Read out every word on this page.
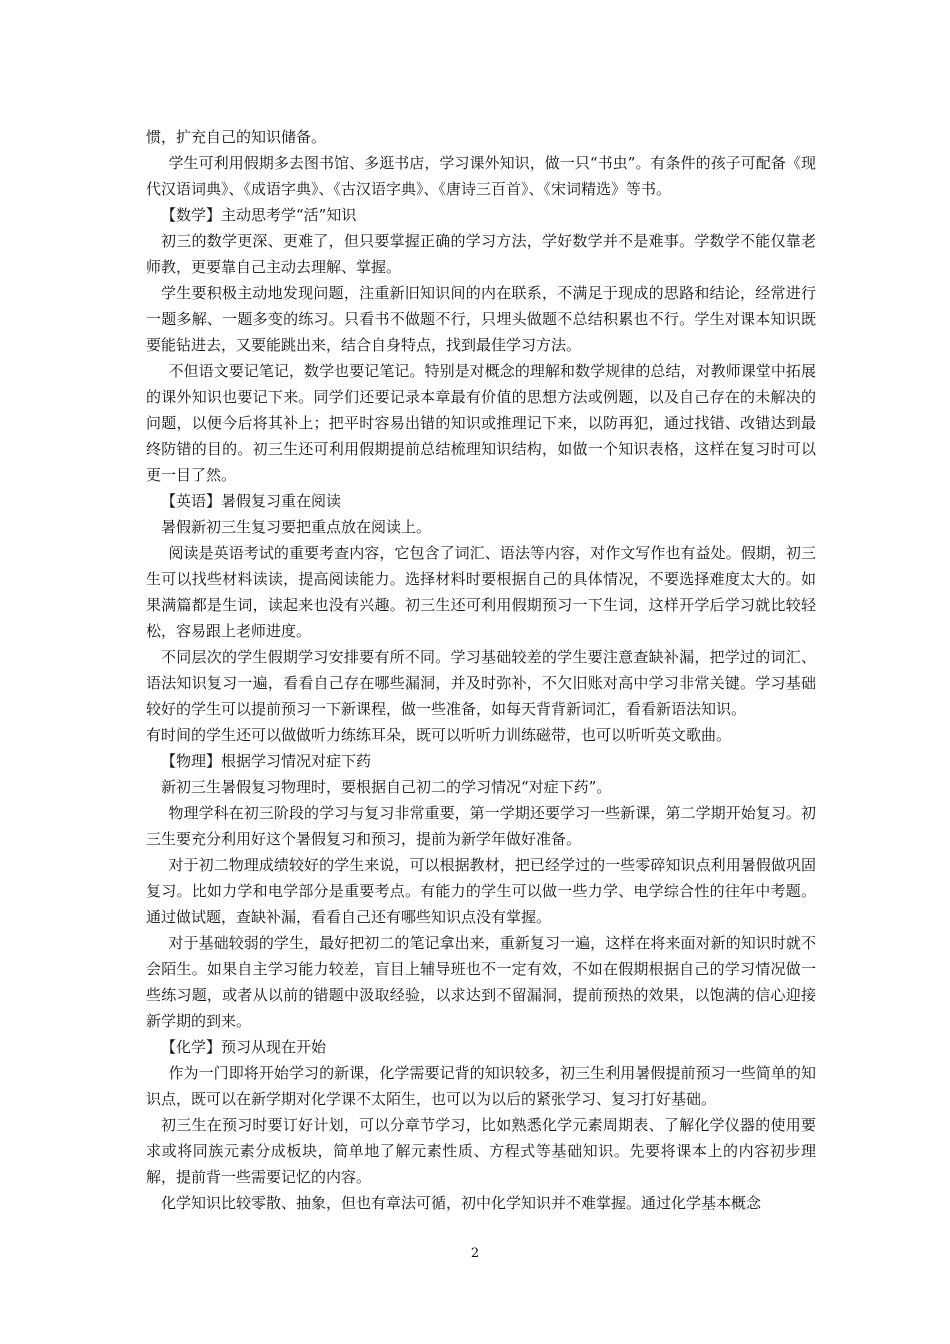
惯，扩充自己的知识储备。

学生可利用假期多去图书馆、多逛书店，学习课外知识，做一只“书虫”。有条件的孩子可配备《现代汉语词典》、《成语字典》、《古汉语字典》、《唐诗三百首》、《宋词精选》等书。

【数学】主动思考学“活”知识

初三的数学更深、更难了，但只要掌握正确的学习方法，学好数学并不是难事。学数学不能仅靠老师教，更要靠自己主动去理解、掌握。

学生要积极主动地发现问题，注重新旧知识间的内在联系，不满足于现成的思路和结论，经常进行一题多解、一题多变的练习。只看书不做题不行，只埋头做题不总结积累也不行。学生对课本知识既要能钻进去，又要能跳出来，结合自身特点，找到最佳学习方法。

不但语文要记笔记，数学也要记笔记。特别是对概念的理解和数学规律的总结，对教师课堂中拓展的课外知识也要记下来。同学们还要记录本章最有价值的思想方法或例题，以及自己存在的未解决的问题，以便今后将其补上；把平时容易出错的知识或推理记下来，以防再犯，通过找错、改错达到最终防错的目的。初三生还可利用假期提前总结梳理知识结构，如做一个知识表格，这样在复习时可以更一目了然。

【英语】暑假复习重在阅读

暑假新初三生复习要把重点放在阅读上。

阅读是英语考试的重要考查内容，它包含了词汇、语法等内容，对作文写作也有益处。假期，初三生可以找些材料读读，提高阅读能力。选择材料时要根据自己的具体情况，不要选择难度太大的。如果满篇都是生词，读起来也没有兴趣。初三生还可利用假期预习一下生词，这样开学后学习就比较轻松，容易跟上老师进度。

不同层次的学生假期学习安排要有所不同。学习基础较差的学生要注意查缺补漏，把学过的词汇、语法知识复习一遍，看看自己存在哪些漏洞，并及时弥补，不欠旧账对高中学习非常关键。学习基础较好的学生可以提前预习一下新课程，做一些准备，如每天背背新词汇，看看新语法知识。

有时间的学生还可以做做听力练练耳朵，既可以听听力训练磁带，也可以听听英文歌曲。

【物理】根据学习情况对症下药

新初三生暑假复习物理时，要根据自己初二的学习情况“对症下药”。

物理学科在初三阶段的学习与复习非常重要，第一学期还要学习一些新课，第二学期开始复习。初三生要充分利用好这个暑假复习和预习，提前为新学年做好准备。

对于初二物理成绩较好的学生来说，可以根据教材，把已经学过的一些零碎知识点利用暑假做巩固复习。比如力学和电学部分是重要考点。有能力的学生可以做一些力学、电学综合性的往年中考题。通过做试题，查缺补漏，看看自己还有哪些知识点没有掌握。

对于基础较弱的学生，最好把初二的笔记拿出来，重新复习一遍，这样在将来面对新的知识时就不会陌生。如果自主学习能力较差，盲目上辅导班也不一定有效，不如在假期根据自己的学习情况做一些练习题，或者从以前的错题中汲取经验，以求达到不留漏洞，提前预热的效果，以饱满的信心迎接新学期的到来。

【化学】预习从现在开始

作为一门即将开始学习的新课，化学需要记背的知识较多，初三生利用暑假提前预习一些简单的知识点，既可以在新学期对化学课不太陌生，也可以为以后的紧张学习、复习打好基础。

初三生在预习时要订好计划，可以分章节学习，比如熟悉化学元素周期表、了解化学仪器的使用要　　求或将同族元素分成板块，简单地了解元素性质、方程式等基础知识。先要将课本上的内容初步理解，提前背一些需要记忆的内容。

化学知识比较零散、抽象，但也有章法可循，初中化学知识并不难掌握。通过化学基本概念

2
